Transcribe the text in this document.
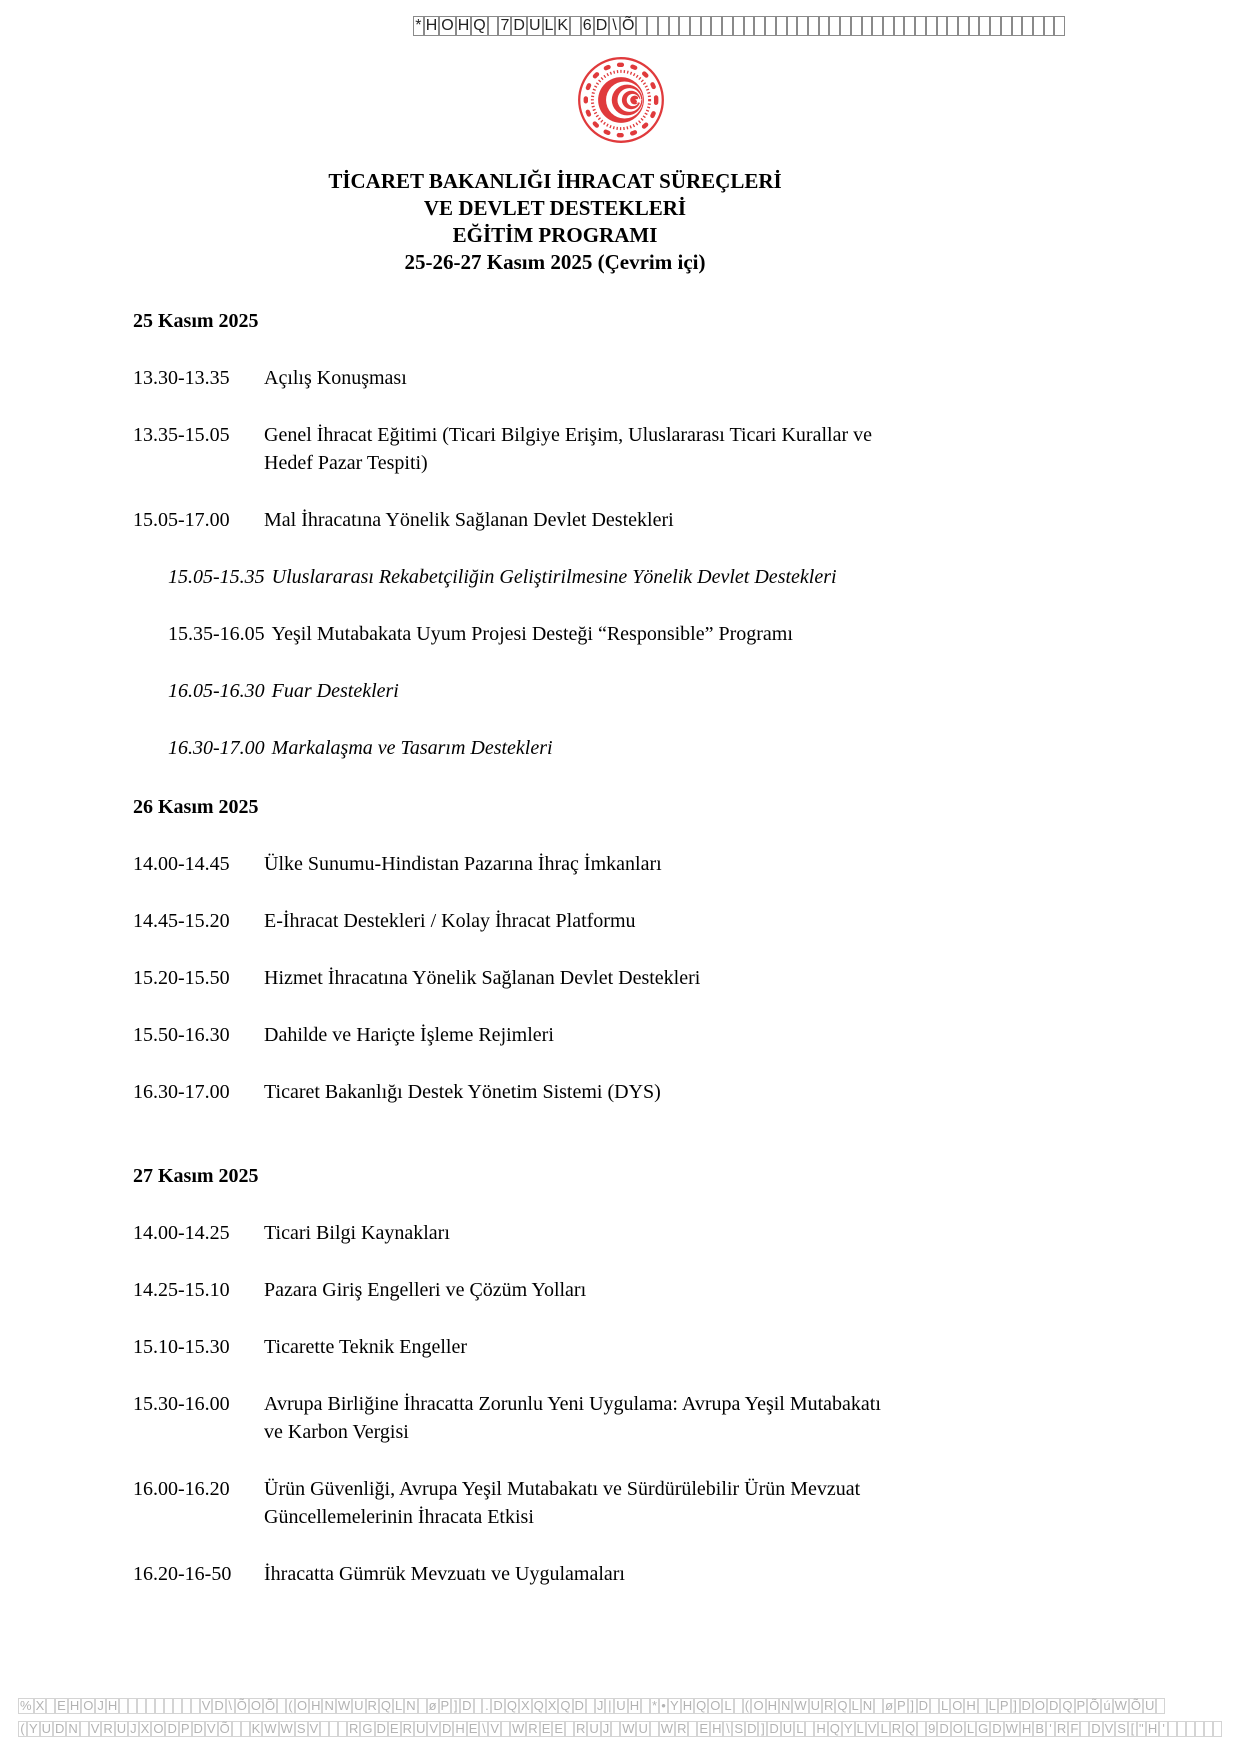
* H O H Q 7 D U L K 6 D \ Õ
TİCARET BAKANLIĞI İHRACAT SÜREÇLERİ
VE DEVLET DESTEKLERİ
EĞİTİM PROGRAMI
25-26-27 Kasım 2025 (Çevrim içi)
25 Kasım 2025
13.30-13.35	Açılış Konuşması
13.35-15.05	Genel İhracat Eğitimi (Ticari Bilgiye Erişim, Uluslararası Ticari Kurallar ve
Hedef Pazar Tespiti)
15.05-17.00	Mal İhracatına Yönelik Sağlanan Devlet Destekleri
15.05-15.35 Uluslararası Rekabetçiliğin Geliştirilmesine Yönelik Devlet Destekleri
15.35-16.05 Yeşil Mutabakata Uyum Projesi Desteği “Responsible” Programı
16.05-16.30 Fuar Destekleri
16.30-17.00 Markalaşma ve Tasarım Destekleri
26 Kasım 2025
14.00-14.45	Ülke Sunumu-Hindistan Pazarına İhraç İmkanları
14.45-15.20	E-İhracat Destekleri / Kolay İhracat Platformu
15.20-15.50	Hizmet İhracatına Yönelik Sağlanan Devlet Destekleri
15.50-16.30	Dahilde ve Hariçte İşleme Rejimleri
16.30-17.00	Ticaret Bakanlığı Destek Yönetim Sistemi (DYS)
27 Kasım 2025
14.00-14.25	Ticari Bilgi Kaynakları
14.25-15.10	Pazara Giriş Engelleri ve Çözüm Yolları
15.10-15.30	Ticarette Teknik Engeller
15.30-16.00	Avrupa Birliğine İhracatta Zorunlu Yeni Uygulama: Avrupa Yeşil Mutabakatı
ve Karbon Vergisi
16.00-16.20	Ürün Güvenliği, Avrupa Yeşil Mutabakatı ve Sürdürülebilir Ürün Mevzuat
Güncellemelerinin İhracata Etkisi
16.20-16-50	İhracatta Gümrük Mevzuatı ve Uygulamaları
% X E H O J H	V D \ Õ O Õ ( O H N W U R Q L N ø P ] D . D Q X Q X Q D J | U H * • Y H Q O L ( O H N W U R Q L N ø P ] D L O H L P ] D O D Q P Õ ú W Õ U
( Y U D N V R U J X O D P D V Õ K W W S V R G D E R U V D H E \ V W R E E R U J W U W R E H \ S D ] D U L H Q Y L V L R Q 9 D O L G D W H B ' R F D V S [ " H '
